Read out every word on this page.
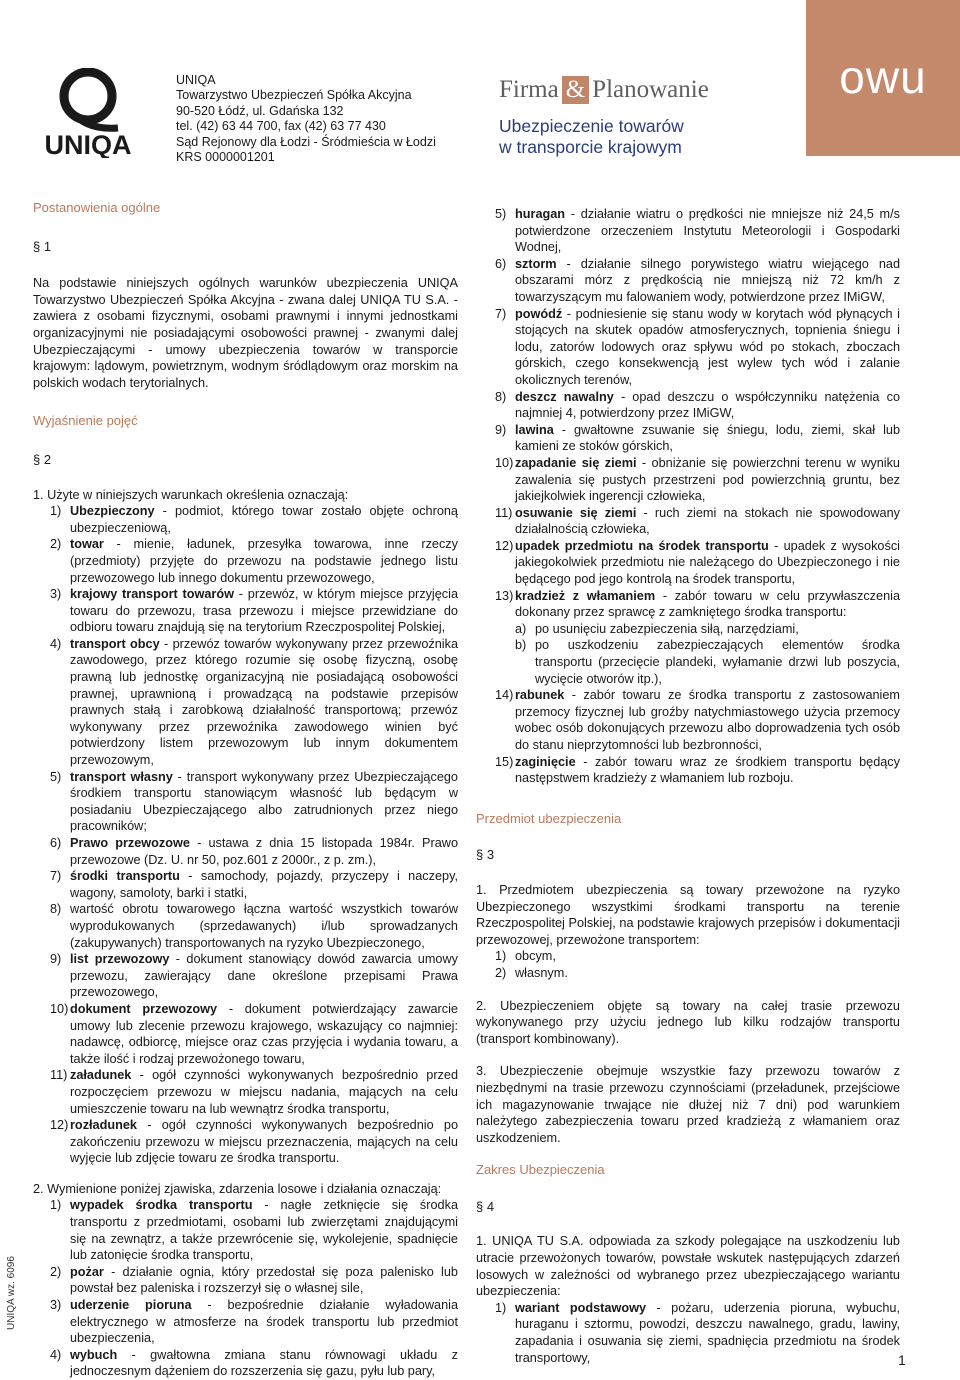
UNIQA
UNIQA
Towarzystwo Ubezpieczeń Spółka Akcyjna
90-520 Łódź, ul. Gdańska 132
tel. (42) 63 44 700, fax (42) 63 77 430
Sąd Rejonowy dla Łodzi - Śródmieścia w Łodzi
KRS 0000001201
Firma & Planowanie
Ubezpieczenie towarów
w transporcie krajowym
owu
Postanowienia ogólne

§ 1

Na podstawie niniejszych ogólnych warunków ubezpieczenia UNIQA Towarzystwo Ubezpieczeń Spółka Akcyjna - zwana dalej UNIQA TU S.A. - zawiera z osobami fizycznymi, osobami prawnymi i innymi jednostkami organizacyjnymi nie posiadającymi osobowości prawnej - zwanymi dalej Ubezpieczającymi - umowy ubezpieczenia towarów w transporcie krajowym: lądowym, powietrznym, wodnym śródlądowym oraz morskim na polskich wodach terytorialnych.

Wyjaśnienie pojęć

§ 2

1. Użyte w niniejszych warunkach określenia oznaczają:

1) Ubezpieczony - podmiot, którego towar zostało objęte ochroną ubezpieczeniową,
2) towar - mienie, ładunek, przesyłka towarowa, inne rzeczy (przedmioty) przyjęte do przewozu na podstawie jednego listu przewozowego lub innego dokumentu przewozowego,
3) krajowy transport towarów - przewóz, w którym miejsce przyjęcia towaru do przewozu, trasa przewozu i miejsce przewidziane do odbioru towaru znajdują się na terytorium Rzeczpospolitej Polskiej,
4) transport obcy - przewóz towarów wykonywany przez przewoźnika zawodowego, przez którego rozumie się osobę fizyczną, osobę prawną lub jednostkę organizacyjną nie posiadającą osobowości prawnej, uprawnioną i prowadzącą na podstawie przepisów prawnych stałą i zarobkową działalność transportową; przewóz wykonywany przez przewoźnika zawodowego winien być potwierdzony listem przewozowym lub innym dokumentem przewozowym,
5) transport własny - transport wykonywany przez Ubezpieczającego środkiem transportu stanowiącym własność lub będącym w posiadaniu Ubezpieczającego albo zatrudnionych przez niego pracowników;
6) Prawo przewozowe - ustawa z dnia 15 listopada 1984r. Prawo przewozowe (Dz. U. nr 50, poz.601 z 2000r., z p. zm.),
7) środki transportu - samochody, pojazdy, przyczepy i naczepy, wagony, samoloty, barki i statki,
8) wartość obrotu towarowego łączna wartość wszystkich towarów wyprodukowanych (sprzedawanych) i/lub sprowadzanych (zakupywanych) transportowanych na ryzyko Ubezpieczonego,
9) list przewozowy - dokument stanowiący dowód zawarcia umowy przewozu, zawierający dane określone przepisami Prawa przewozowego,
10) dokument przewozowy - dokument potwierdzający zawarcie umowy lub zlecenie przewozu krajowego, wskazujący co najmniej: nadawcę, odbiorcę, miejsce oraz czas przyjęcia i wydania towaru, a także ilość i rodzaj przewożonego towaru,
11) załadunek - ogół czynności wykonywanych bezpośrednio przed rozpoczęciem przewozu w miejscu nadania, mających na celu umieszczenie towaru na lub wewnątrz środka transportu,
12) rozładunek - ogół czynności wykonywanych bezpośrednio po zakończeniu przewozu w miejscu przeznaczenia, mających na celu wyjęcie lub zdjęcie towaru ze środka transportu.

2. Wymienione poniżej zjawiska, zdarzenia losowe i działania oznaczają:

1) wypadek środka transportu - nagłe zetknięcie się środka transportu z przedmiotami, osobami lub zwierzętami znajdującymi się na zewnątrz, a także przewrócenie się, wykolejenie, spadnięcie lub zatonięcie środka transportu,
2) pożar - działanie ognia, który przedostał się poza palenisko lub powstał bez paleniska i rozszerzył się o własnej sile,
3) uderzenie pioruna - bezpośrednie działanie wyładowania elektrycznego w atmosferze na środek transportu lub przedmiot ubezpieczenia,
4) wybuch - gwałtowna zmiana stanu równowagi układu z jednoczesnym dążeniem do rozszerzenia się gazu, pyłu lub pary,
5) huragan - działanie wiatru o prędkości nie mniejsze niż 24,5 m/s potwierdzone orzeczeniem Instytutu Meteorologii i Gospodarki Wodnej,
6) sztorm - działanie silnego porywistego wiatru wiejącego nad obszarami mórz z prędkością nie mniejszą niż 72 km/h z towarzyszącym mu falowaniem wody, potwierdzone przez IMiGW,
7) powódź - podniesienie się stanu wody w korytach wód płynących i stojących na skutek opadów atmosferycznych, topnienia śniegu i lodu, zatorów lodowych oraz spływu wód po stokach, zboczach górskich, czego konsekwencją jest wylew tych wód i zalanie okolicznych terenów,
8) deszcz nawalny - opad deszczu o współczynniku natężenia co najmniej 4, potwierdzony przez IMiGW,
9) lawina - gwałtowne zsuwanie się śniegu, lodu, ziemi, skał lub kamieni ze stoków górskich,
10) zapadanie się ziemi - obniżanie się powierzchni terenu w wyniku zawalenia się pustych przestrzeni pod powierzchnią gruntu, bez jakiejkolwiek ingerencji człowieka,
11) osuwanie się ziemi - ruch ziemi na stokach nie spowodowany działalnością człowieka,
12) upadek przedmiotu na środek transportu - upadek z wysokości jakiegokolwiek przedmiotu nie należącego do Ubezpieczonego i nie będącego pod jego kontrolą na środek transportu,
13) kradzież z włamaniem - zabór towaru w celu przywłaszczenia dokonany przez sprawcę z zamkniętego środka transportu:
a) po usunięciu zabezpieczenia siłą, narzędziami,
b) po uszkodzeniu zabezpieczających elementów środka transportu (przecięcie plandeki, wyłamanie drzwi lub poszycia, wycięcie otworów itp.),
14) rabunek - zabór towaru ze środka transportu z zastosowaniem przemocy fizycznej lub groźby natychmiastowego użycia przemocy wobec osób dokonujących przewozu albo doprowadzenia tych osób do stanu nieprzytomności lub bezbronności,
15) zaginięcie - zabór towaru wraz ze środkiem transportu będący następstwem kradzieży z włamaniem lub rozboju.
Przedmiot ubezpieczenia

§ 3

1. Przedmiotem ubezpieczenia są towary przewożone na ryzyko Ubezpieczonego wszystkimi środkami transportu na terenie Rzeczpospolitej Polskiej, na podstawie krajowych przepisów i dokumentacji przewozowej, przewożone transportem:

1) obcym,
2) własnym.

2. Ubezpieczeniem objęte są towary na całej trasie przewozu wykonywanego przy użyciu jednego lub kilku rodzajów transportu (transport kombinowany).

3. Ubezpieczenie obejmuje wszystkie fazy przewozu towarów z niezbędnymi na trasie przewozu czynnościami (przeładunek, przejściowe ich magazynowanie trwające nie dłużej niż 7 dni) pod warunkiem należytego zabezpieczenia towaru przed kradzieżą z włamaniem oraz uszkodzeniem.

Zakres Ubezpieczenia

§ 4

1. UNIQA TU S.A. odpowiada za szkody polegające na uszkodzeniu lub utracie przewożonych towarów, powstałe wskutek następujących zdarzeń losowych w zależności od wybranego przez ubezpieczającego wariantu ubezpieczenia:

1) wariant podstawowy - pożaru, uderzenia pioruna, wybuchu, huraganu i sztormu, powodzi, deszczu nawalnego, gradu, lawiny, zapadania i osuwania się ziemi, spadnięcia przedmiotu na środek transportowy,
UNIQA wz. 6096
1
